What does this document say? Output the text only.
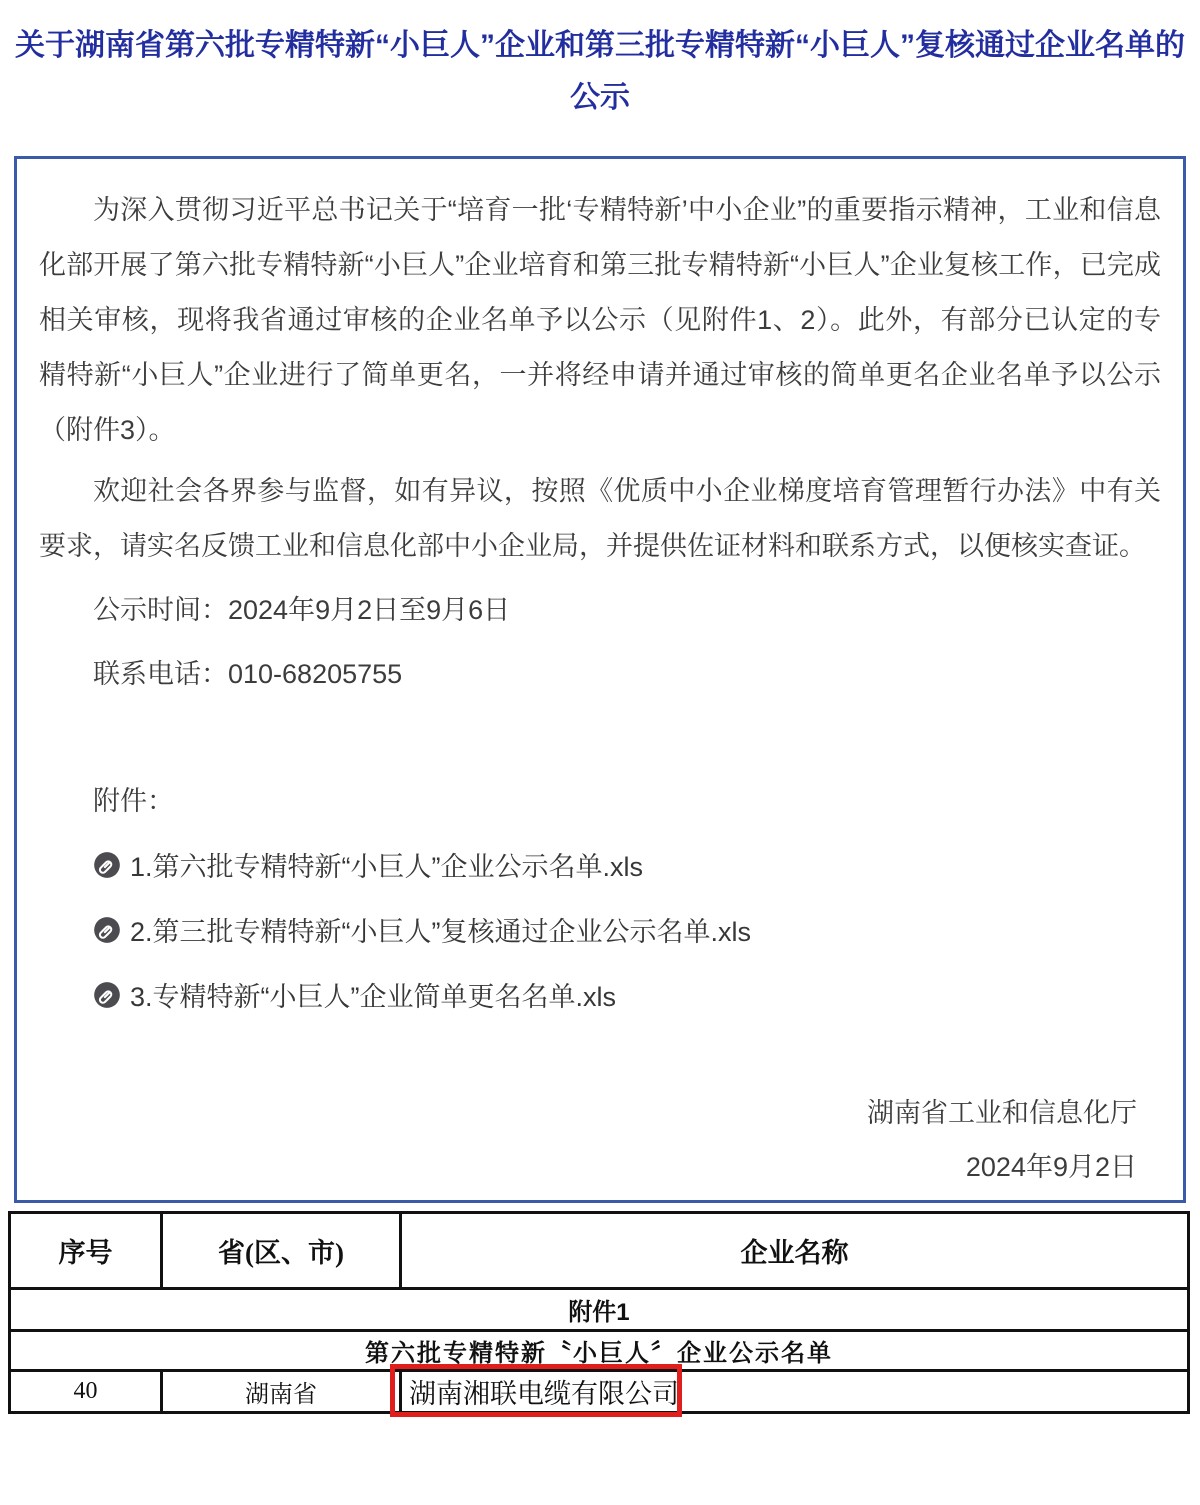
关于湖南省第六批专精特新“小巨人”企业和第三批专精特新“小巨人”复核通过企业名单的公示

为深入贯彻习近平总书记关于“培育一批‘专精特新’中小企业”的重要指示精神，工业和信息化部开展了第六批专精特新“小巨人”企业培育和第三批专精特新“小巨人”企业复核工作，已完成相关审核，现将我省通过审核的企业名单予以公示（见附件1、2）。此外，有部分已认定的专精特新“小巨人”企业进行了简单更名，一并将经申请并通过审核的简单更名企业名单予以公示（附件3）。

欢迎社会各界参与监督，如有异议，按照《优质中小企业梯度培育管理暂行办法》中有关要求，请实名反馈工业和信息化部中小企业局，并提供佐证材料和联系方式，以便核实查证。

公示时间：2024年9月2日至9月6日

联系电话：010-68205755

附件：

1.第六批专精特新“小巨人”企业公示名单.xls
2.第三批专精特新“小巨人”复核通过企业公示名单.xls
3.专精特新“小巨人”企业简单更名名单.xls

湖南省工业和信息化厅

2024年9月2日

附件1		
第六批专精特新〝小巨人〞企业公示名单		
序号	省(区、市)	企业名称
40	湖南省	湖南湘联电缆有限公司
